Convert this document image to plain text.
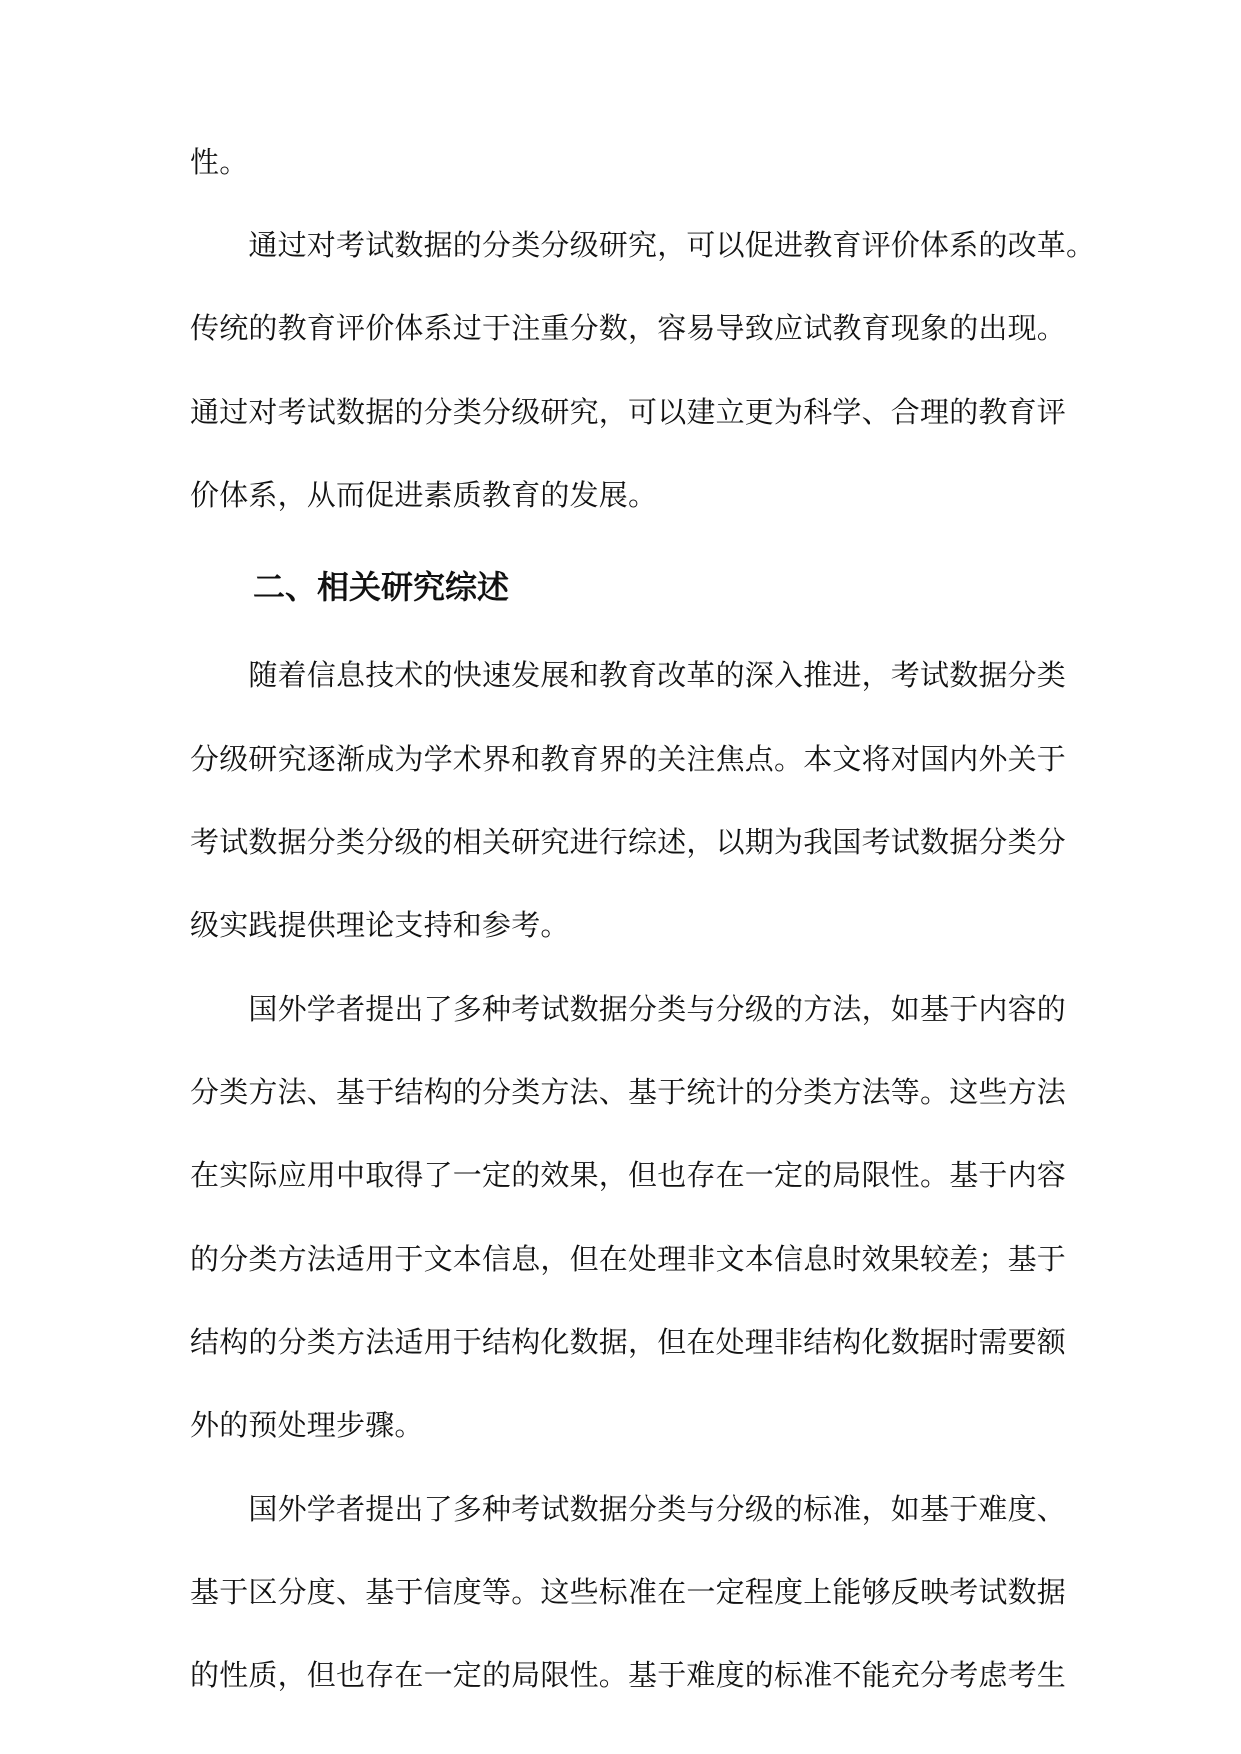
性。
　　通过对考试数据的分类分级研究，可以促进教育评价体系的改革。
传统的教育评价体系过于注重分数，容易导致应试教育现象的出现。
通过对考试数据的分类分级研究，可以建立更为科学、合理的教育评
价体系，从而促进素质教育的发展。
二、相关研究综述
　　随着信息技术的快速发展和教育改革的深入推进，考试数据分类
分级研究逐渐成为学术界和教育界的关注焦点。本文将对国内外关于
考试数据分类分级的相关研究进行综述，以期为我国考试数据分类分
级实践提供理论支持和参考。
　　国外学者提出了多种考试数据分类与分级的方法，如基于内容的
分类方法、基于结构的分类方法、基于统计的分类方法等。这些方法
在实际应用中取得了一定的效果，但也存在一定的局限性。基于内容
的分类方法适用于文本信息，但在处理非文本信息时效果较差；基于
结构的分类方法适用于结构化数据，但在处理非结构化数据时需要额
外的预处理步骤。
　　国外学者提出了多种考试数据分类与分级的标准，如基于难度、
基于区分度、基于信度等。这些标准在一定程度上能够反映考试数据
的性质，但也存在一定的局限性。基于难度的标准不能充分考虑考生
